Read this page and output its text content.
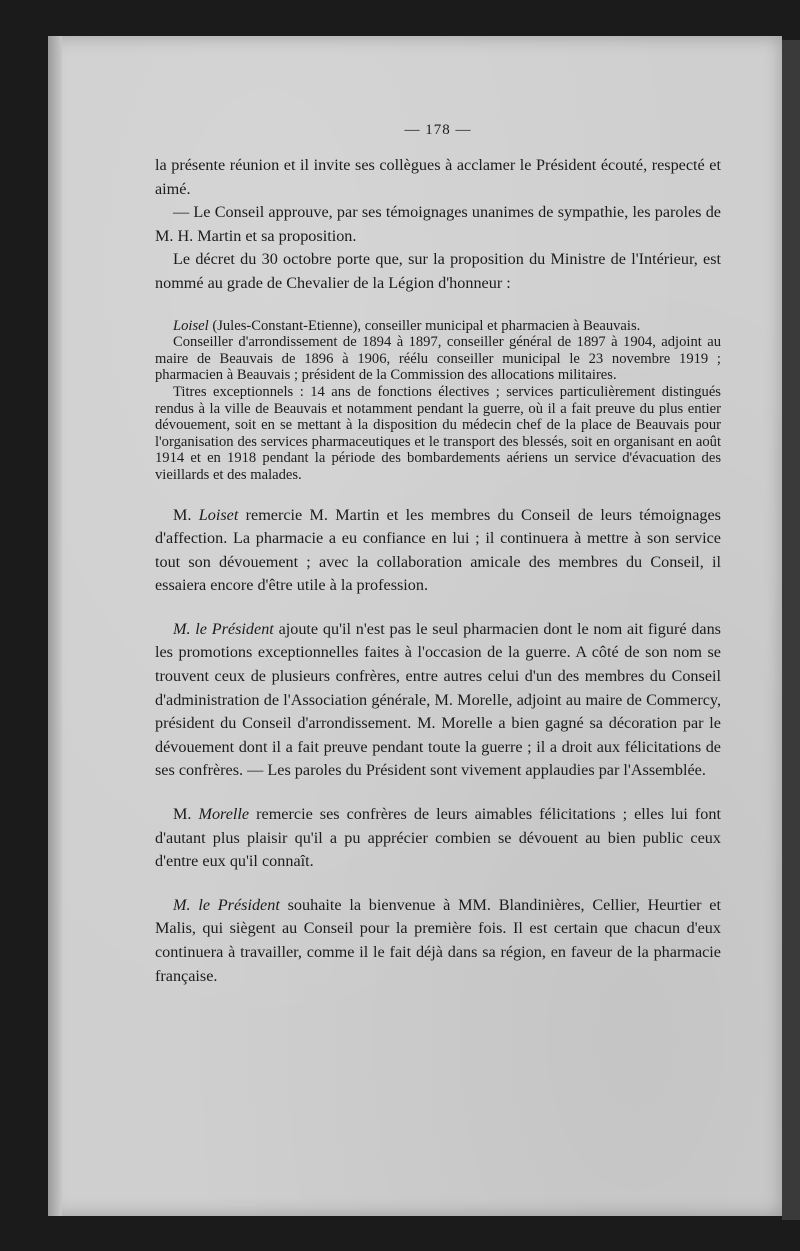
— 178 —

la présente réunion et il invite ses collègues à acclamer le Président écouté, respecté et aimé.

— Le Conseil approuve, par ses témoignages unanimes de sympathie, les paroles de M. H. Martin et sa proposition.

Le décret du 30 octobre porte que, sur la proposition du Ministre de l'Intérieur, est nommé au grade de Chevalier de la Légion d'honneur :

Loisel (Jules-Constant-Etienne), conseiller municipal et pharmacien à Beauvais.

Conseiller d'arrondissement de 1894 à 1897, conseiller général de 1897 à 1904, adjoint au maire de Beauvais de 1896 à 1906, réélu conseiller municipal le 23 novembre 1919 ; pharmacien à Beauvais ; président de la Commission des allocations militaires.

Titres exceptionnels : 14 ans de fonctions électives ; services particulièrement distingués rendus à la ville de Beauvais et notamment pendant la guerre, où il a fait preuve du plus entier dévouement, soit en se mettant à la disposition du médecin chef de la place de Beauvais pour l'organisation des services pharmaceutiques et le transport des blessés, soit en organisant en août 1914 et en 1918 pendant la période des bombardements aériens un service d'évacuation des vieillards et des malades.

M. Loiset remercie M. Martin et les membres du Conseil de leurs témoignages d'affection. La pharmacie a eu confiance en lui ; il continuera à mettre à son service tout son dévouement ; avec la collaboration amicale des membres du Conseil, il essaiera encore d'être utile à la profession.

M. le Président ajoute qu'il n'est pas le seul pharmacien dont le nom ait figuré dans les promotions exceptionnelles faites à l'occasion de la guerre. A côté de son nom se trouvent ceux de plusieurs confrères, entre autres celui d'un des membres du Conseil d'administration de l'Association générale, M. Morelle, adjoint au maire de Commercy, président du Conseil d'arrondissement. M. Morelle a bien gagné sa décoration par le dévouement dont il a fait preuve pendant toute la guerre ; il a droit aux félicitations de ses confrères. — Les paroles du Président sont vivement applaudies par l'Assemblée.

M. Morelle remercie ses confrères de leurs aimables félicitations ; elles lui font d'autant plus plaisir qu'il a pu apprécier combien se dévouent au bien public ceux d'entre eux qu'il connaît.

M. le Président souhaite la bienvenue à MM. Blandinières, Cellier, Heurtier et Malis, qui siègent au Conseil pour la première fois. Il est certain que chacun d'eux continuera à travailler, comme il le fait déjà dans sa région, en faveur de la pharmacie française.
